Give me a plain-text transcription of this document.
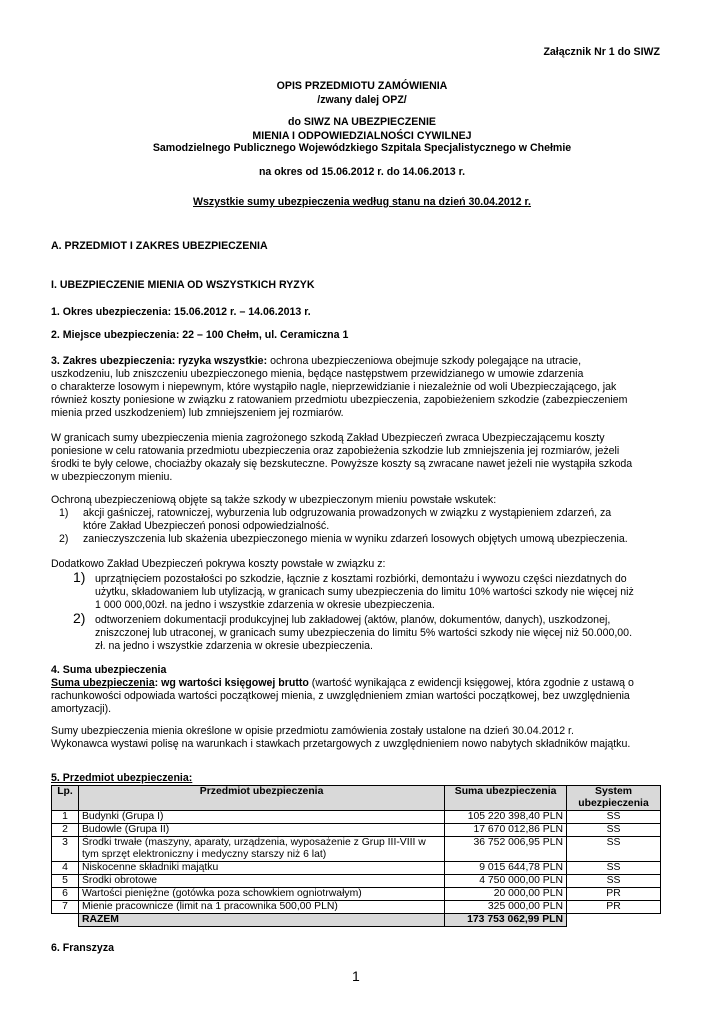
Załącznik Nr 1 do SIWZ
OPIS PRZEDMIOTU ZAMÓWIENIA
/zwany dalej OPZ/
do SIWZ NA UBEZPIECZENIE
MIENIA I ODPOWIEDZIALNOŚCI CYWILNEJ
Samodzielnego Publicznego Wojewódzkiego Szpitala Specjalistycznego w Chełmie
na okres od 15.06.2012 r. do 14.06.2013 r.
Wszystkie sumy ubezpieczenia według stanu na dzień 30.04.2012 r.
A. PRZEDMIOT I ZAKRES UBEZPIECZENIA
I. UBEZPIECZENIE MIENIA OD WSZYSTKICH RYZYK
1. Okres ubezpieczenia: 15.06.2012 r. – 14.06.2013 r.
2. Miejsce ubezpieczenia: 22 – 100 Chełm, ul. Ceramiczna 1
3. Zakres ubezpieczenia: ryzyka wszystkie: ochrona ubezpieczeniowa obejmuje szkody polegające na utracie,
uszkodzeniu, lub zniszczeniu ubezpieczonego mienia, będące następstwem przewidzianego w umowie zdarzenia
o charakterze losowym i niepewnym, które wystąpiło nagle, nieprzewidzianie i niezależnie od woli Ubezpieczającego, jak
również koszty poniesione w związku z ratowaniem przedmiotu ubezpieczenia, zapobieżeniem szkodzie (zabezpieczeniem
mienia przed uszkodzeniem) lub zmniejszeniem jej rozmiarów.
W granicach sumy ubezpieczenia mienia zagrożonego szkodą Zakład Ubezpieczeń zwraca Ubezpieczającemu koszty
poniesione w celu ratowania przedmiotu ubezpieczenia oraz zapobieżenia szkodzie lub zmniejszenia jej rozmiarów, jeżeli
środki te były celowe, chociażby okazały się bezskuteczne. Powyższe koszty są zwracane nawet jeżeli nie wystąpiła szkoda
w ubezpieczonym mieniu.
Ochroną ubezpieczeniową objęte są także szkody w ubezpieczonym mieniu powstałe wskutek:
1) akcji gaśniczej, ratowniczej, wyburzenia lub odgruzowania prowadzonych w związku z wystąpieniem zdarzeń, za
które Zakład Ubezpieczeń ponosi odpowiedzialność.
2) zanieczyszczenia lub skażenia ubezpieczonego mienia w wyniku zdarzeń losowych objętych umową ubezpieczenia.
Dodatkowo Zakład Ubezpieczeń pokrywa koszty powstałe w związku z:
1) uprzątnięciem pozostałości po szkodzie, łącznie z kosztami rozbiórki, demontażu i wywozu części niezdatnych do
użytku, składowaniem lub utylizacją, w granicach sumy ubezpieczenia do limitu 10% wartości szkody nie więcej niż
1 000 000,00zł. na jedno i wszystkie zdarzenia w okresie ubezpieczenia.
2) odtworzeniem dokumentacji produkcyjnej lub zakładowej (aktów, planów, dokumentów, danych), uszkodzonej,
zniszczonej lub utraconej, w granicach sumy ubezpieczenia do limitu 5% wartości szkody nie więcej niż 50.000,00.
zł. na jedno i wszystkie zdarzenia w okresie ubezpieczenia.
4. Suma ubezpieczenia
Suma ubezpieczenia: wg wartości księgowej brutto (wartość wynikająca z ewidencji księgowej, która zgodnie z ustawą o
rachunkowości odpowiada wartości początkowej mienia, z uwzględnieniem zmian wartości początkowej, bez uwzględnienia
amortyzacji).
Sumy ubezpieczenia mienia określone w opisie przedmiotu zamówienia zostały ustalone na dzień 30.04.2012 r.
Wykonawca wystawi polisę na warunkach i stawkach przetargowych z uwzględnieniem nowo nabytych składników majątku.
5. Przedmiot ubezpieczenia:
Lp.	Przedmiot ubezpieczenia	Suma ubezpieczenia	System ubezpieczenia
1	Budynki (Grupa I)	105 220 398,40 PLN	SS
2	Budowle (Grupa II)	17 670 012,86 PLN	SS
3	Środki trwałe (maszyny, aparaty, urządzenia, wyposażenie z Grup III-VIII w tym sprzęt elektroniczny i medyczny starszy niż 6 lat)	36 752 006,95 PLN	SS
4	Niskocenne składniki majątku	9 015 644,78 PLN	SS
5	Środki obrotowe	4 750 000,00 PLN	SS
6	Wartości pieniężne (gotówka poza schowkiem ogniotrwałym)	20 000,00 PLN	PR
7	Mienie pracownicze (limit na 1 pracownika 500,00 PLN)	325 000,00 PLN	PR
	RAZEM	173 753 062,99 PLN	
6. Franszyza
1
